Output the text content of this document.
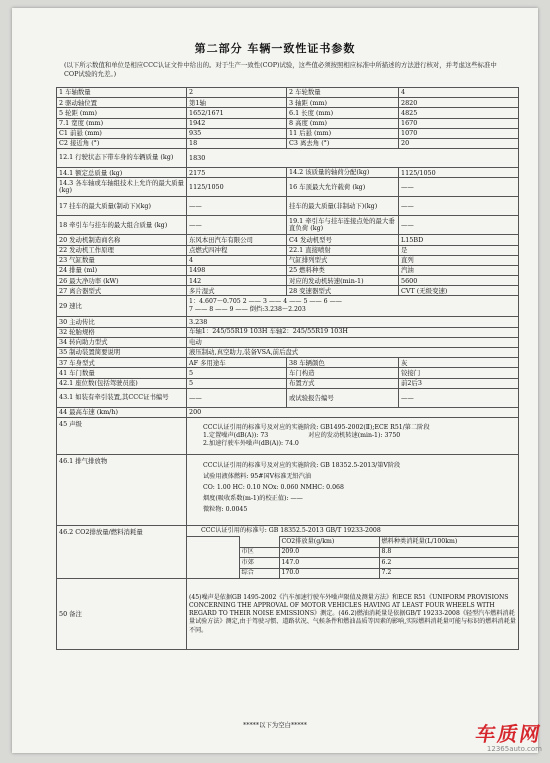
第二部分 车辆一致性证书参数
(以下所示数值和单位是相应CCC认证文件中给出的。对于生产一致性(COP)试验，这些值必须按照相应标准中所描述的方法进行核对，并考虑这些标准中COP试验的允差。)
1 车轴数量	2	2 车轮数量	4
2 驱动轴位置	第1轴	3 轴距 (mm)	2820
5 轮距 (mm)	1652/1671	6.1 长度 (mm)	4825
7.1 宽度 (mm)	1942	8 高度 (mm)	1670
C1 前悬 (mm)	935	11 后悬 (mm)	1070
C2 接近角 (°)	18	C3 离去角 (°)	20
12.1 行驶状态下带车身的车辆质量 (kg)	1830
14.1 额定总质量 (kg)	2175	14.2 该质量的轴荷分配(kg)	1125/1050
14.3 各车轴或车轴组技术上允许的最大质量 (kg)	1125/1050	16 车顶最大允许载荷 (kg)	——
17 挂车的最大质量(制动下)(kg)	——	挂车的最大质量(非制动下)(kg)	——
18 牵引车与挂车的最大组合质量 (kg)	——	19.1 牵引车与挂车连接点处的最大垂直负荷 (kg)	——
20 发动机制造商名称	东风本田汽车有限公司	C4 发动机型号	L15BD
22 发动机工作原理	点燃式四冲程	22.1 直接喷射	是
23 气缸数量	4	气缸排列型式	直列
24 排量 (ml)	1498	25 燃料种类	汽油
26 最大净功率 (kW)	142	对应的发动机转速(min-1)	5600
27 离合器型式	多片湿式	28 变速器型式	CVT (无级变速)
29 速比	
1：4.607～0.705 2 —— 3 —— 4 —— 5 —— 6 ——
7 —— 8 —— 9 —— 倒挡:3.238～2.203

30 主动传比	3.238
32 轮胎规格	车轴1：245/55R19 103H 车轴2：245/55R19 103H
34 转向助力型式	电动
35 制动装置简要说明	液压制动,真空助力,装备VSA,前后盘式
37 车身型式	AF 多用途车	38 车辆颜色	灰
41 车门数量	5	车门构造	铰接门
42.1 座位数(包括驾驶员座)	5	布置方式	前2后3
43.1 如装有牵引装置,其CCC证书编号	——	或试验报告编号	——
44 最高车速 (km/h)	200
45 声级	CCC认证引用的标准号及对应的实施阶段: GB1495-2002(Ⅱ);ECE R51/第二阶段
1.定置噪声(dB(A)): 73	对应的发动机转速(min-1): 3750
2.加速行驶车外噪声(dB(A)): 74.0

46.1 排气排放物	
CCC认证引用的标准号及对应的实施阶段: GB 18352.5-2013/第Ⅴ阶段
试验用液体燃料: 95#国Ⅴ标准无铅汽油
CO: 1.00 HC: 0.10 NOx: 0.060 NMHC: 0.068
烟度(吸收系数(m-1)的校正值): ——
微粒物: 0.0045

46.2 CO2排放量/燃料消耗量	CCC认证引用的标准号: GB 18352.5-2013 GB/T 19233-2008
		CO2排放量(g/km)	燃料种类消耗量(L/100km)
	市区	209.0	8.8
	市郊	147.0	6.2
	综合	170.0	7.2

50 备注	(45)噪声是依据GB 1495-2002《汽车加速行驶车外噪声限值及测量方法》和ECE R51《UNIFORM PROVISIONS CONCERNING THE APPROVAL OF MOTOR VEHICLES HAVING AT LEAST FOUR WHEELS WITH REGARD TO THEIR NOISE EMISSIONS》测定。(46.2)燃油消耗量是依据GB/T 19233-2008《轻型汽车燃料消耗量试验方法》测定,由于驾驶习惯、道路状况、气候条件和燃油品质等因素的影响,实际燃料消耗量可能与标识的燃料消耗量不同。
*****以下为空白*****	车质网
12365auto.com
